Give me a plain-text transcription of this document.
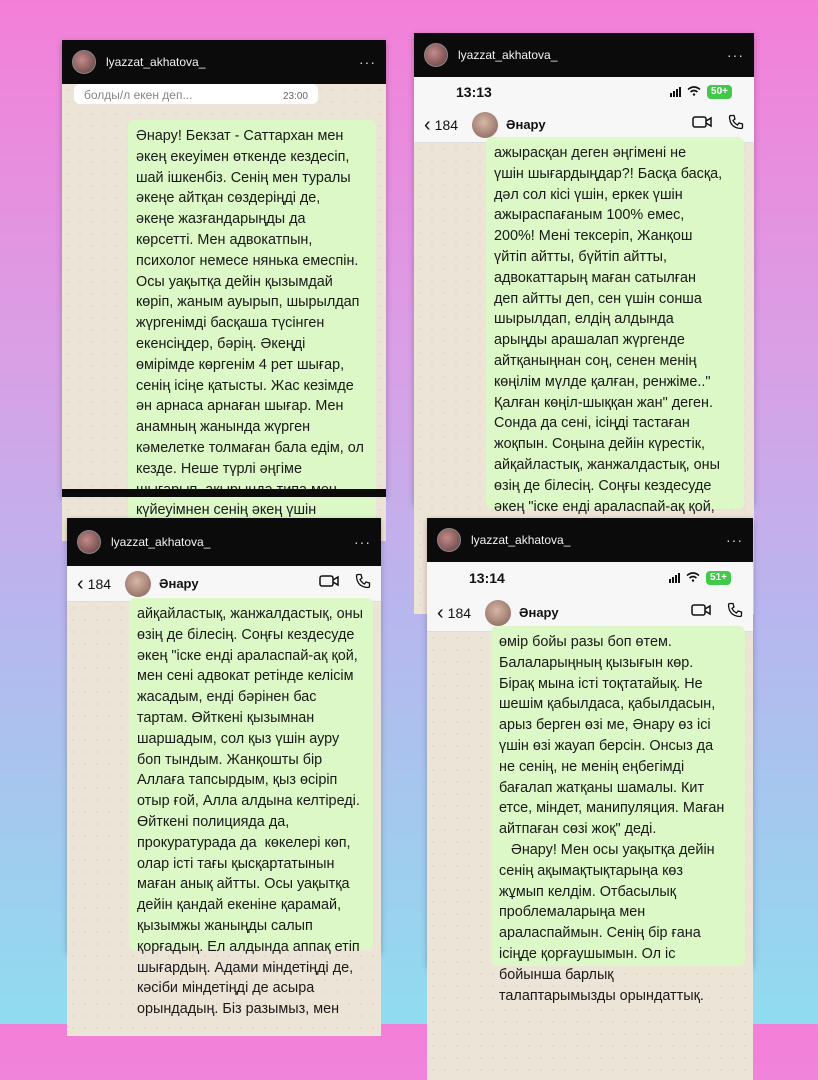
lyazzat_akhatova_	···
болды/л екен деп...	23:00
Әнару! Бекзат - Саттархан мен
әкең екеуімен өткенде кездесіп,
шай ішкенбіз. Сенің мен туралы
әкеңе айтқан сөздеріңді де,
әкеңе жазғандарыңды да
көрсетті. Мен адвокатпын,
психолог немесе нянька емеспін.
Осы уақытқа дейін қызымдай
көріп, жаным ауырып, шырылдап
жүргенімді басқаша түсінген
екенсіңдер, бәрің. Әкеңді
өмірімде көргенім 4 рет шығар,
сенің ісіңе қатысты. Жас кезімде
ән арнаса арнаған шығар. Мен
анамның жанында жүрген
кәмелетке толмаған бала едім, ол
кезде. Неше түрлі әңгіме

күйеуімнен сенің әкең үшін

lyazzat_akhatova_	···
13:13	50+
‹ 184	Әнару
ажырасқан деген әңгімені не
үшін шығардыңдар?! Басқа басқа,
дәл сол кісі үшін, еркек үшін
ажыраспағаным 100% емес,
200%! Мені тексеріп, Жанқош
үйтіп айтты, бүйтіп айтты,
адвокаттарың маған сатылған
деп айтты деп, сен үшін сонша
шырылдап, елдің алдында
арыңды арашалап жүргенде
айтқаныңнан соң, сенен менің
көңілім мүлде қалған, ренжіме.."
Қалған көңіл-шыққан жан" деген.
Сонда да сені, ісіңді тастаған
жоқпын. Соңына дейін күрестік,
айқайластық, жанжалдастық, оны
өзің де білесің. Соңғы кездесуде
әкең "іске енді араласпай-ақ қой,

lyazzat_akhatova_	···
‹ 184	Әнару
айқайластық, жанжалдастық, оны
өзің де білесің. Соңғы кездесуде
әкең "іске енді араласпай-ақ қой,
мен сені адвокат ретінде келісім
жасадым, енді бәрінен бас
тартам. Өйткені қызымнан
шаршадым, сол қыз үшін ауру
боп тындым. Жанқошты бір
Аллаға тапсырдым, қыз өсіріп
отыр ғой, Алла алдына келтіреді.
Өйткені полицияда да,
прокуратурада да  көкелері көп,
олар істі тағы қысқартатынын
маған анық айтты. Осы уақытқа
дейін қандай екеніне қарамай,
қызымжы жаныңды салып
қорғадың. Ел алдында аппақ етіп
шығардың. Адами міндетіңді де,
кәсіби міндетіңді де асыра
орындадың. Біз разымыз, мен
lyazzat_akhatova_	···
13:14	51+
‹ 184	Әнару
өмір бойы разы боп өтем.
Балаларыңның қызығын көр.
Бірақ мына істі тоқтатайық. Не
шешім қабылдаса, қабылдасын,
арыз берген өзі ме, Әнару өз ісі
үшін өзі жауап берсін. Онсыз да
не сенің, не менің еңбегімді
бағалап жатқаны шамалы. Кит
етсе, міндет, манипуляция. Маған
айтпаған сөзі жоқ" деді.
Әнару! Мен осы уақытқа дейін
сенің ақымақтықтарыңа көз
жұмып келдім. Отбасылық
проблемаларыңа мен
араласпаймын. Сенің бір ғана
ісіңде қорғаушымын. Ол іс
бойынша барлық
талаптарымызды орындаттық.
